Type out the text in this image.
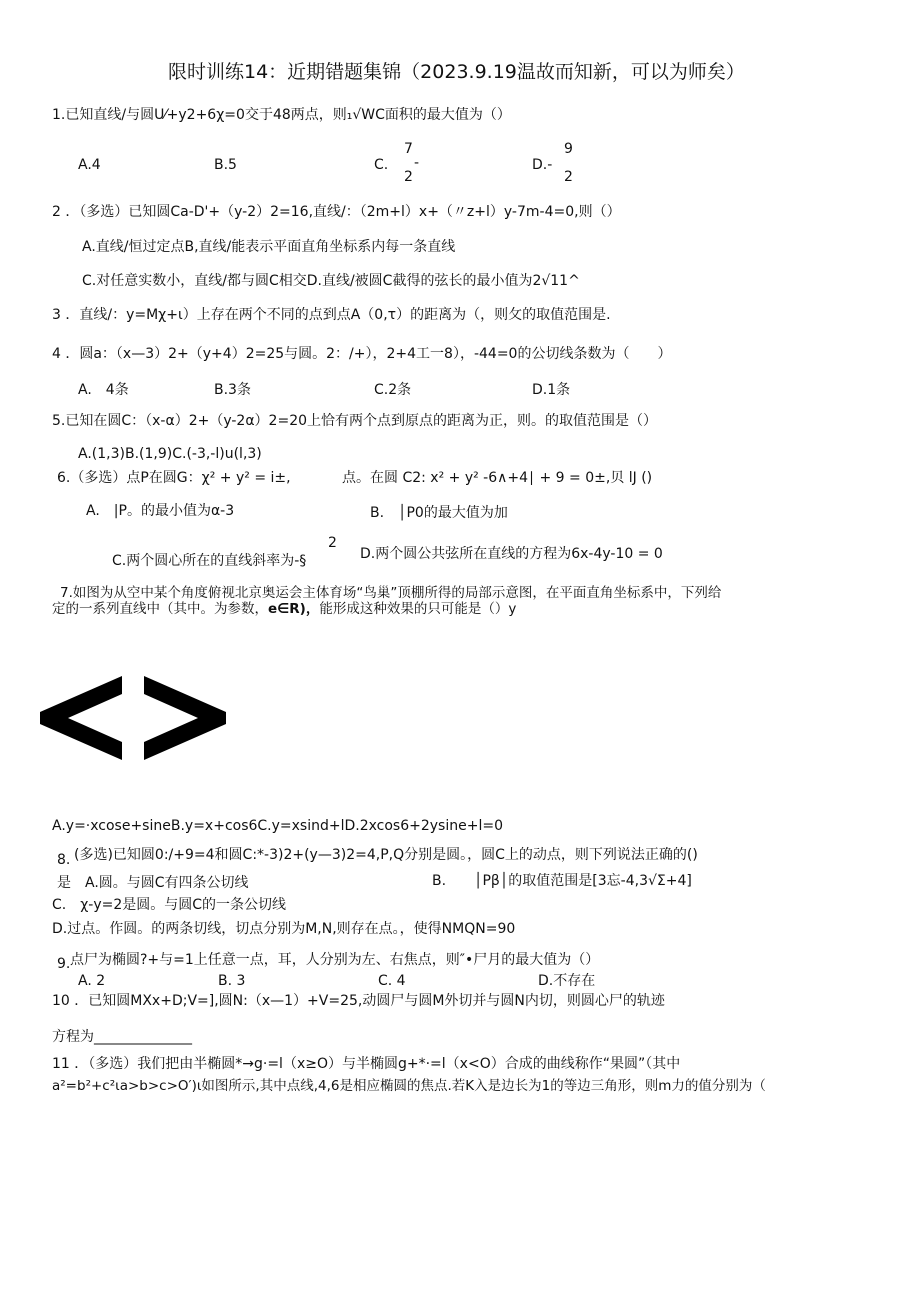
限时训练14：近期错题集锦（2023.9.19温故而知新，可以为师矣）
1.已知直线/与圆U⁄+y2+6χ=0交于48两点，则₁√WC面积的最大值为（）
A.4	B.5	C.
7
-
2
D.-
9
2
2 ．（多选）已知圆Ca-D'+（y-2）2=16,直线/：（2m+l）x+（〃z+l）y-7m-4=0,则（）
A.直线/恒过定点B,直线/能表示平面直角坐标系内每一条直线
C.对任意实数小，直线/都与圆C相交D.直线/被圆C截得的弦长的最小值为2√11^
3 ．直线/：y=Mχ+ι）上存在两个不同的点到点A（0,τ）的距离为（，则攵的取值范围是.
4 ．圆a：（x—3）2+（y+4）2=25与圆。2：/+），2+4工一8），-44=0的公切线条数为（　　）
A.　4条	B.3条	C.2条	D.1条
5.已知在圆C：（x-α）2+（y-2α）2=20上恰有两个点到原点的距离为正，则。的取值范围是（）
A.(1,3)B.(1,9)C.(-3,-l)u(l,3)
6.（多选）点P在圆G：χ² + y² = i±,	点。在圆 C2: x² + y² -6∧+4∣ + 9 = 0±,贝 lJ ()
A.　|P。的最小值为α-3	B.　│P0的最大值为加
2
C.两个圆心所在的直线斜率为-§	D.两个圆公共弦所在直线的方程为6x-4y-10 = 0
7.如图为从空中某个角度俯视北京奥运会主体育场“鸟巢”顶棚所得的局部示意图，在平面直角坐标系中，下列给
定的一系列直线中（其中。为参数，e∈R)，能形成这种效果的只可能是（）y
A.y=·xcose+sineB.y=x+cos6C.y=xsind+lD.2xcos6+2ysine+l=0
8. (多选)已知圆0:/+9=4和圆C:*-3)2+(y—3)2=4,P,Q分别是圆。，圆C上的动点，则下列说法正确的()
是　A.圆。与圆C有四条公切线	B.　　│Pβ│的取值范围是[3忘-4,3√Σ+4]
C.　χ-y=2是圆。与圆C的一条公切线
D.过点。作圆。的两条切线，切点分别为M,N,则存在点。，使得NMQN=90
9. 点尸为椭圆?+与=1上任意一点，耳，人分别为左、右焦点，则″•尸月的最大值为（）
A. 2	B. 3	C. 4	D.不存在
10 ．已知圆MXx+D;V=],圆N:（x—1）+V=25,动圆尸与圆M外切并与圆N内切，则圆心尸的轨迹
方程为______________
11 ．（多选）我们把由半椭圆*→g·=l（x≥O）与半椭圆g+*·=l（x<O）合成的曲线称作“果圆”（其中
a²=b²+c²ιa>b>c>O′)ι如图所示,其中点线,4,6是相应椭圆的焦点.若K入是边长为1的等边三角形，则m力的值分别为（
